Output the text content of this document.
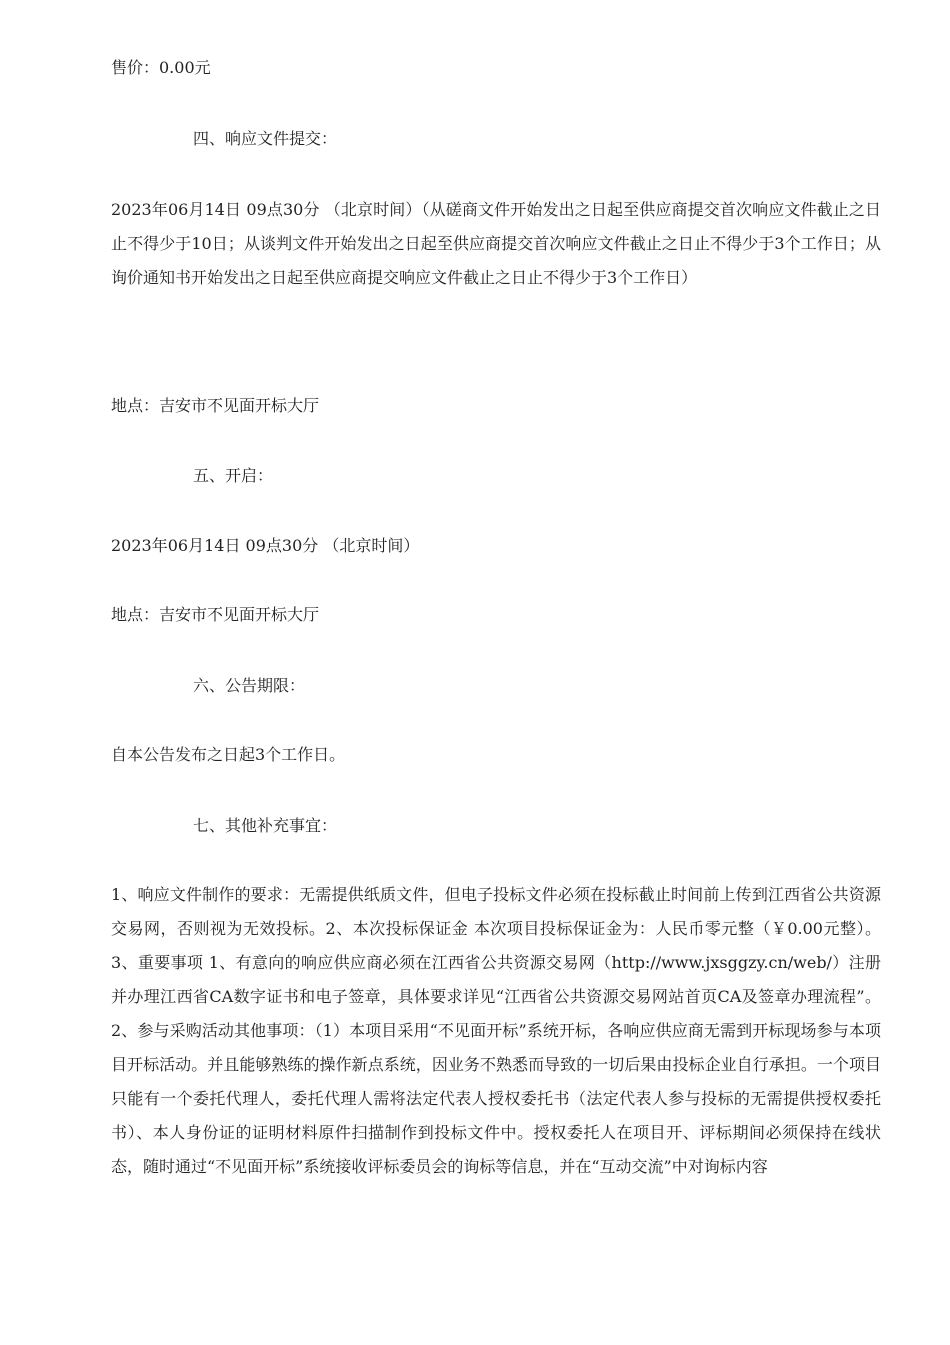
售价：0.00元
四、响应文件提交：

2023年06月14日 09点30分 （北京时间）（从磋商文件开始发出之日起至供应商提交首次响应文件截止之日止不得少于10日；从谈判文件开始发出之日起至供应商提交首次响应文件截止之日止不得少于3个工作日；从询价通知书开始发出之日起至供应商提交响应文件截止之日止不得少于3个工作日）

地点：吉安市不见面开标大厅
五、开启：
2023年06月14日 09点30分 （北京时间）
地点：吉安市不见面开标大厅
六、公告期限：
自本公告发布之日起3个工作日。
七、其他补充事宜：

1、响应文件制作的要求：无需提供纸质文件，但电子投标文件必须在投标截止时间前上传到江西省公共资源交易网，否则视为无效投标。2、本次投标保证金 本次项目投标保证金为：人民币零元整（￥0.00元整）。3、重要事项 1、有意向的响应供应商必须在江西省公共资源交易网（http://www.jxsggzy.cn/web/）注册并办理江西省CA数字证书和电子签章，具体要求详见“江西省公共资源交易网站首页CA及签章办理流程”。2、参与采购活动其他事项：（1）本项目采用“不见面开标”系统开标，各响应供应商无需到开标现场参与本项目开标活动。并且能够熟练的操作新点系统，因业务不熟悉而导致的一切后果由投标企业自行承担。一个项目只能有一个委托代理人，委托代理人需将法定代表人授权委托书（法定代表人参与投标的无需提供授权委托书）、本人身份证的证明材料原件扫描制作到投标文件中。授权委托人在项目开、评标期间必须保持在线状态，随时通过“不见面开标”系统接收评标委员会的询标等信息，并在“互动交流”中对询标内容
